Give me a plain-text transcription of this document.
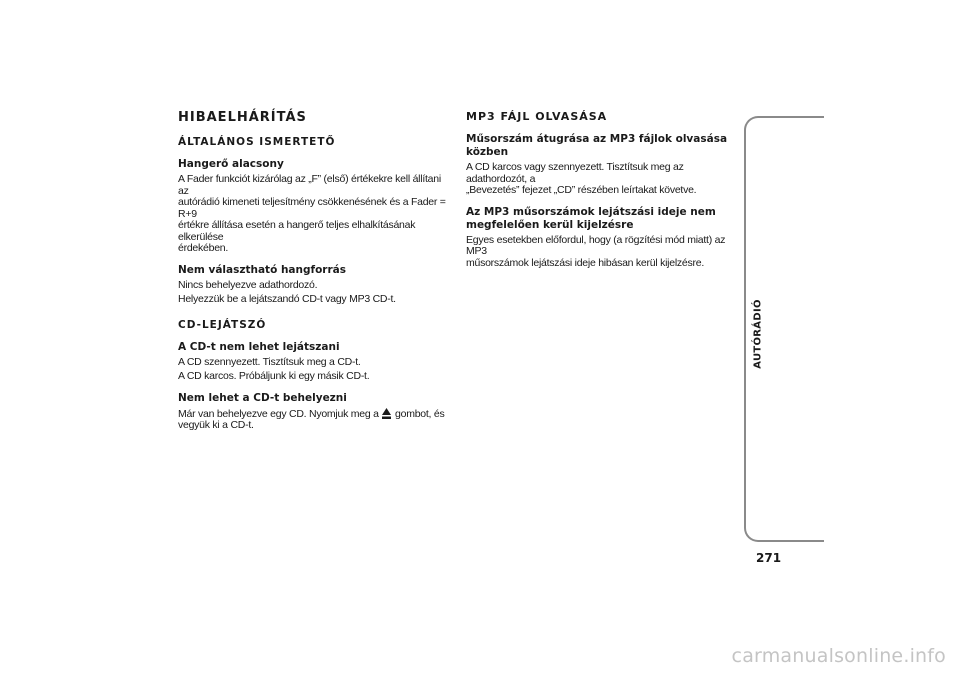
HIBAELHÁRÍTÁS
ÁLTALÁNOS ISMERTETŐ
Hangerő alacsony
A Fader funkciót kizárólag az „F” (első) értékekre kell állítani az
autórádió kimeneti teljesítmény csökkenésének és a Fader = R+9
értékre állítása esetén a hangerő teljes elhalkításának elkerülése
érdekében.
Nem választható hangforrás
Nincs behelyezve adathordozó.
Helyezzük be a lejátszandó CD-t vagy MP3 CD-t.
CD-LEJÁTSZÓ
A CD-t nem lehet lejátszani
A CD szennyezett. Tisztítsuk meg a CD-t.
A CD karcos. Próbáljunk ki egy másik CD-t.
Nem lehet a CD-t behelyezni
Már van behelyezve egy CD. Nyomjuk meg a gombot, és
vegyük ki a CD-t.
MP3 FÁJL OLVASÁSA
Műsorszám átugrása az MP3 fájlok olvasása közben
A CD karcos vagy szennyezett. Tisztítsuk meg az adathordozót, a
„Bevezetés” fejezet „CD” részében leírtakat követve.
Az MP3 műsorszámok lejátszási ideje nem
megfelelően kerül kijelzésre
Egyes esetekben előfordul, hogy (a rögzítési mód miatt) az MP3
műsorszámok lejátszási ideje hibásan kerül kijelzésre.
AUTÓRÁDIÓ
271
carmanualsonline.info
